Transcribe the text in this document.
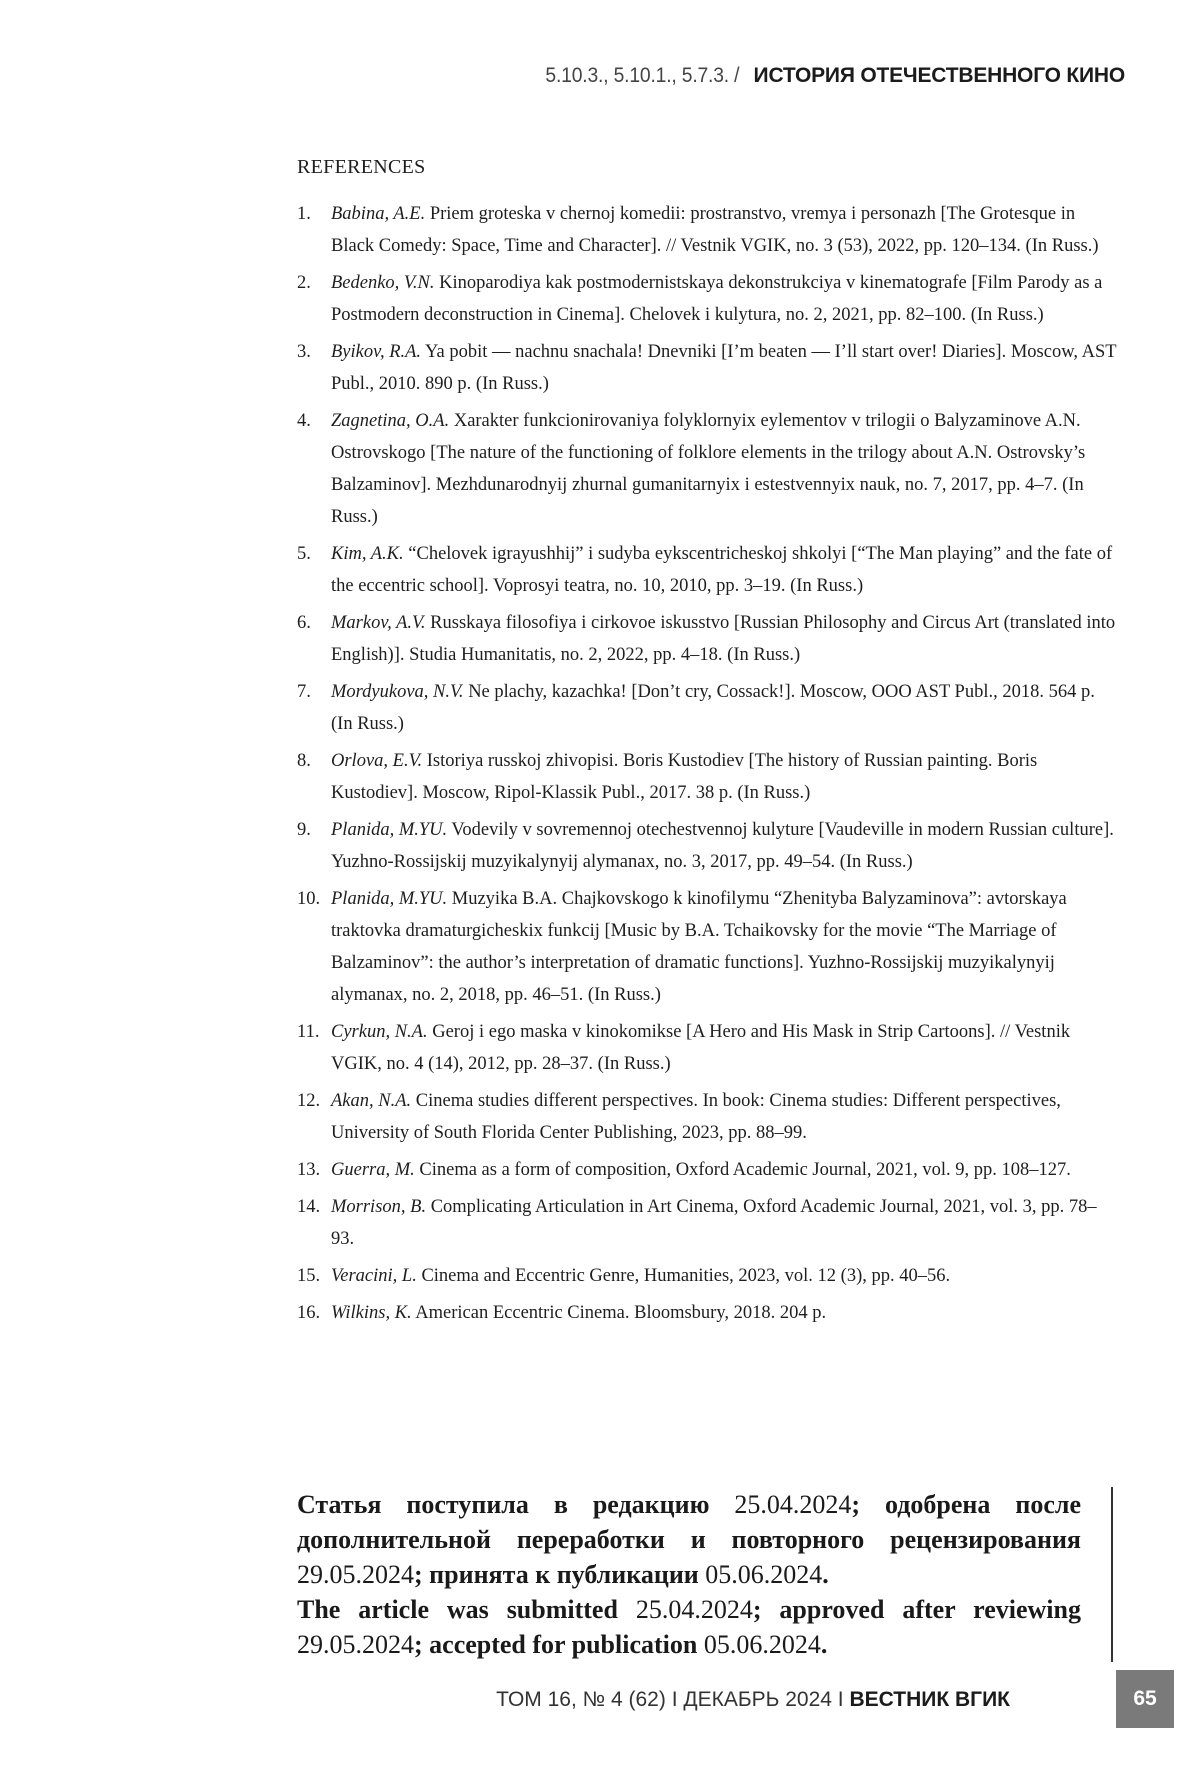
5.10.3., 5.10.1., 5.7.3. / ИСТОРИЯ ОТЕЧЕСТВЕННОГО КИНО
REFERENCES
1. Babina, A.E. Priem groteska v chernoj komedii: prostranstvo, vremya i personazh [The Grotesque in Black Comedy: Space, Time and Character]. // Vestnik VGIK, no. 3 (53), 2022, pp. 120–134. (In Russ.)
2. Bedenko, V.N. Kinoparodiya kak postmodernistskaya dekonstrukciya v kinematografe [Film Parody as a Postmodern deconstruction in Cinema]. Chelovek i kulytura, no. 2, 2021, pp. 82–100. (In Russ.)
3. Byikov, R.A. Ya pobit — nachnu snachala! Dnevniki [I’m beaten — I’ll start over! Diaries]. Moscow, AST Publ., 2010. 890 p. (In Russ.)
4. Zagnetina, O.A. Xarakter funkcionirovaniya folyklornyix eylementov v trilogii o Balyzaminove A.N. Ostrovskogo [The nature of the functioning of folklore elements in the trilogy about A.N. Ostrovsky’s Balzaminov]. Mezhdunarodnyij zhurnal gumanitarnyix i estestvennyix nauk, no. 7, 2017, pp. 4–7. (In Russ.)
5. Kim, A.K. “Chelovek igrayushhij” i sudyba eykscentricheskoj shkolyi [“The Man playing” and the fate of the eccentric school]. Voprosyi teatra, no. 10, 2010, pp. 3–19. (In Russ.)
6. Markov, A.V. Russkaya filosofiya i cirkovoe iskusstvo [Russian Philosophy and Circus Art (translated into English)]. Studia Humanitatis, no. 2, 2022, pp. 4–18. (In Russ.)
7. Mordyukova, N.V. Ne plachy, kazachka! [Don’t cry, Cossack!]. Moscow, OOO AST Publ., 2018. 564 p. (In Russ.)
8. Orlova, E.V. Istoriya russkoj zhivopisi. Boris Kustodiev [The history of Russian painting. Boris Kustodiev]. Moscow, Ripol-Klassik Publ., 2017. 38 p. (In Russ.)
9. Planida, M.YU. Vodevily v sovremennoj otechestvennoj kulyture [Vaudeville in modern Russian culture]. Yuzhno-Rossijskij muzyikalynyij alymanax, no. 3, 2017, pp. 49–54. (In Russ.)
10. Planida, M.YU. Muzyika B.A. Chajkovskogo k kinofilymu “Zhenityba Balyzaminova”: avtorskaya traktovka dramaturgicheskix funkcij [Music by B.A. Tchaikovsky for the movie “The Marriage of Balzaminov”: the author’s interpretation of dramatic functions]. Yuzhno-Rossijskij muzyikalynyij alymanax, no. 2, 2018, pp. 46–51. (In Russ.)
11. Cyrkun, N.A. Geroj i ego maska v kinokomikse [A Hero and His Mask in Strip Cartoons]. // Vestnik VGIK, no. 4 (14), 2012, pp. 28–37. (In Russ.)
12. Akan, N.A. Cinema studies different perspectives. In book: Cinema studies: Different perspectives, University of South Florida Center Publishing, 2023, pp. 88–99.
13. Guerra, M. Cinema as a form of composition, Oxford Academic Journal, 2021, vol. 9, pp. 108–127.
14. Morrison, B. Complicating Articulation in Art Cinema, Oxford Academic Journal, 2021, vol. 3, pp. 78–93.
15. Veracini, L. Cinema and Eccentric Genre, Humanities, 2023, vol. 12 (3), pp. 40–56.
16. Wilkins, K. American Eccentric Cinema. Bloomsbury, 2018. 204 p.

Статья поступила в редакцию 25.04.2024; одобрена после дополнительной переработки и повторного рецензирования 29.05.2024; принята к публикации 05.06.2024.

The article was submitted 25.04.2024; approved after reviewing 29.05.2024; accepted for publication 05.06.2024.

ТОМ 16, № 4 (62) I ДЕКАБРЬ 2024 I ВЕСТНИК ВГИК	65
